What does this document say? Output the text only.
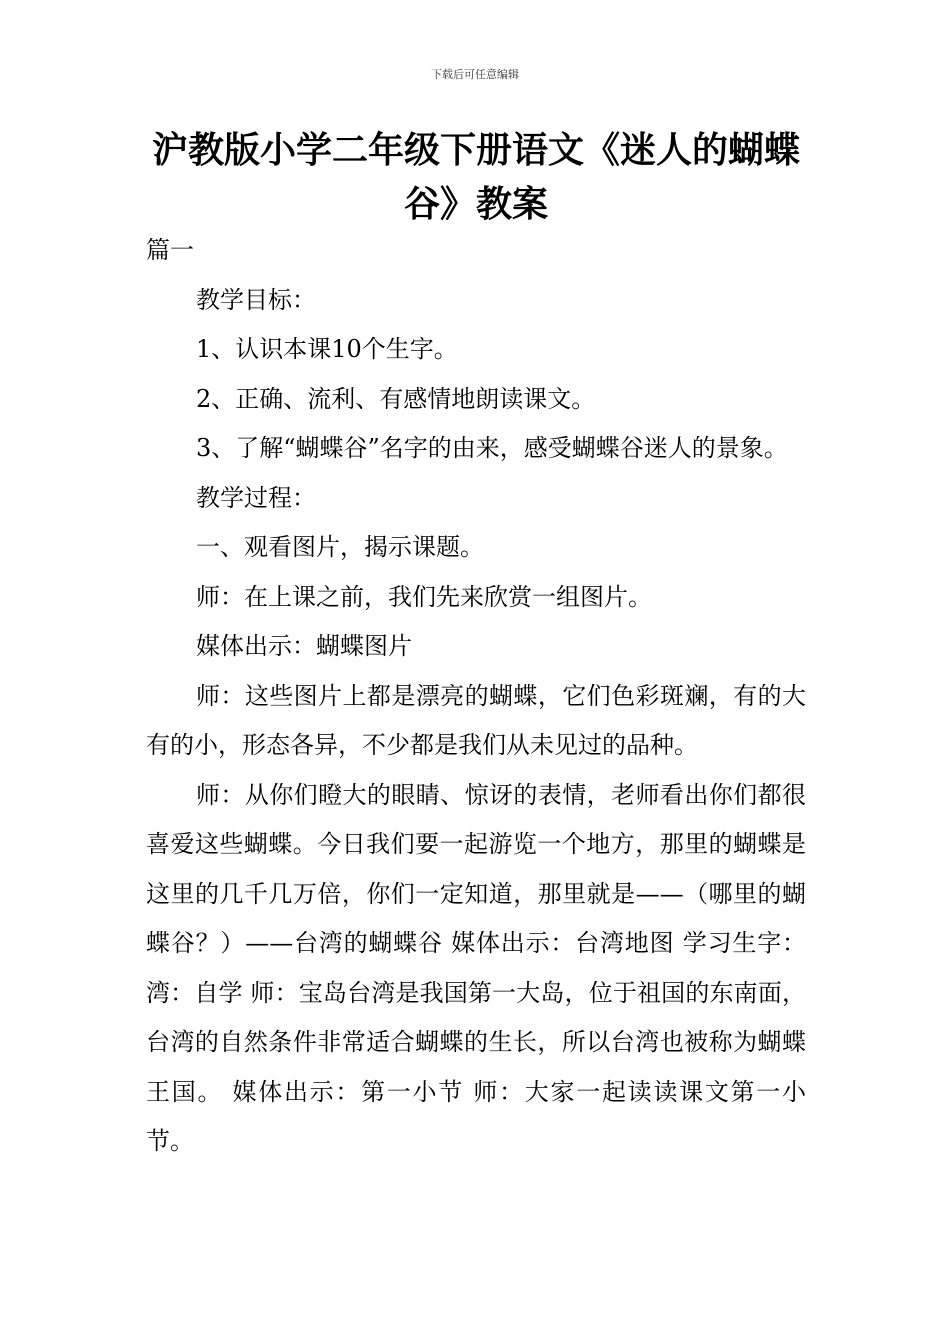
下载后可任意编辑
沪教版小学二年级下册语文《迷人的蝴蝶谷》教案

篇一

教学目标：

1、认识本课10个生字。

2、正确、流利、有感情地朗读课文。

3、了解“蝴蝶谷”名字的由来，感受蝴蝶谷迷人的景象。

教学过程：

一、观看图片，揭示课题。

师：在上课之前，我们先来欣赏一组图片。

媒体出示：蝴蝶图片

师：这些图片上都是漂亮的蝴蝶，它们色彩斑斓，有的大有的小，形态各异，不少都是我们从未见过的品种。

师：从你们瞪大的眼睛、惊讶的表情，老师看出你们都很喜爱这些蝴蝶。今日我们要一起游览一个地方，那里的蝴蝶是这里的几千几万倍，你们一定知道，那里就是——（哪里的蝴蝶谷？）——台湾的蝴蝶谷 媒体出示：台湾地图 学习生字：湾：自学 师：宝岛台湾是我国第一大岛，位于祖国的东南面，台湾的自然条件非常适合蝴蝶的生长，所以台湾也被称为蝴蝶王国。 媒体出示：第一小节 师：大家一起读读课文第一小节。
